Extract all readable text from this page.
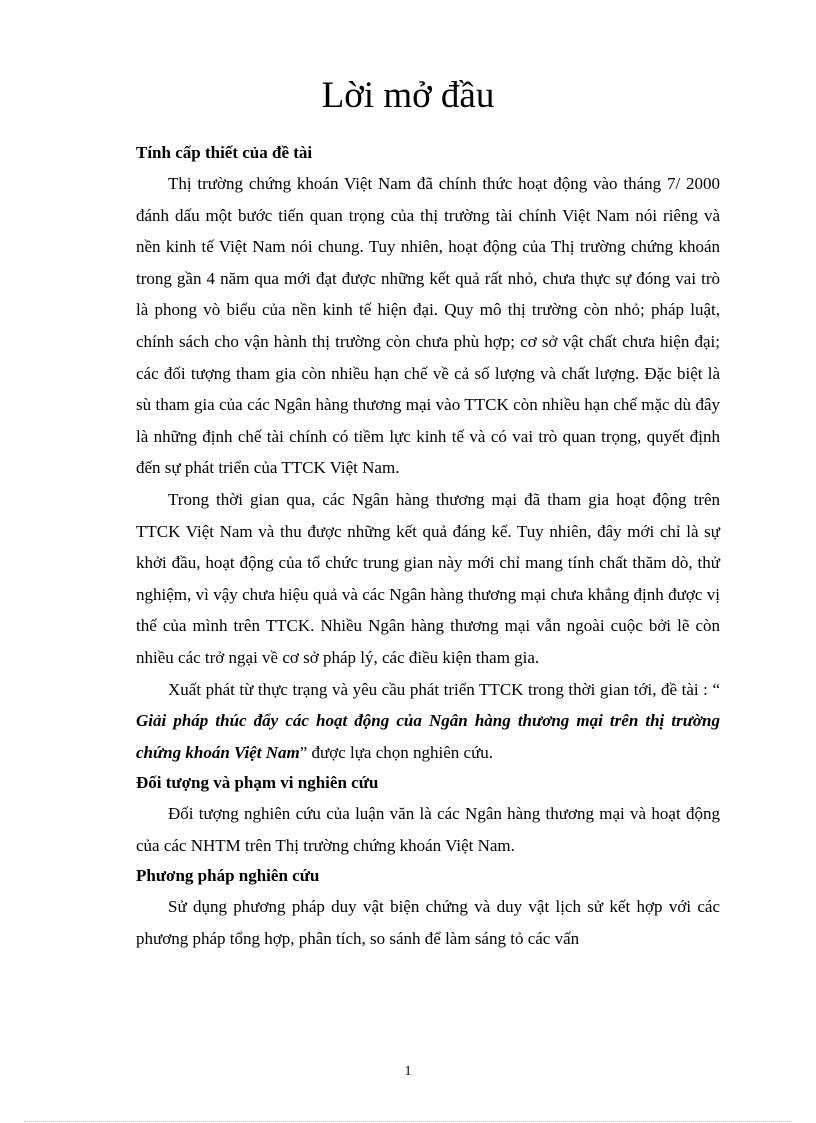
Lời mở đầu

Tính cấp thiết của đề tài

Thị trường chứng khoán Việt Nam đã chính thức hoạt động vào tháng 7/ 2000 đánh dấu một bước tiến quan trọng của thị trường tài chính Việt Nam nói riêng và nền kinh tế Việt Nam nói chung. Tuy nhiên, hoạt động của Thị trường chứng khoán trong gần 4 năm qua mới đạt được những kết quả rất nhỏ, chưa thực sự đóng vai trò là phong vò biểu của nền kinh tế hiện đại. Quy mô thị trường còn nhỏ; pháp luật, chính sách cho vận hành thị trường còn chưa phù hợp; cơ sở vật chất chưa hiện đại; các đối tượng tham gia còn nhiều hạn chế về cả số lượng và chất lượng. Đặc biệt là sù tham gia của các Ngân hàng thương mại vào TTCK còn nhiều hạn chế mặc dù đây là những định chế tài chính có tiềm lực kinh tế và có vai trò quan trọng, quyết định đến sự phát triển của TTCK Việt Nam.

Trong thời gian qua, các Ngân hàng thương mại đã tham gia hoạt động trên TTCK Việt Nam và thu được những kết quả đáng kể. Tuy nhiên, đây mới chỉ là sự khởi đầu, hoạt động của tổ chức trung gian này mới chỉ mang tính chất thăm dò, thử nghiệm, vì vậy chưa hiệu quả và các Ngân hàng thương mại chưa khẳng định được vị thế của mình trên TTCK. Nhiều Ngân hàng thương mại vẫn ngoài cuộc bởi lẽ còn nhiều các trở ngại về cơ sở pháp lý, các điều kiện tham gia.

Xuất phát từ thực trạng và yêu cầu phát triển TTCK trong thời gian tới, đề tài : “ Giải pháp thúc đẩy các hoạt động của Ngân hàng thương mại trên thị trường chứng khoán Việt Nam” được lựa chọn nghiên cứu.

Đối tượng và phạm vi nghiên cứu

Đối tượng nghiên cứu của luận văn là các Ngân hàng thương mại và hoạt động của các NHTM trên Thị trường chứng khoán Việt Nam.

Phương pháp nghiên cứu

Sử dụng phương pháp duy vật biện chứng và duy vật lịch sử kết hợp với các phương pháp tổng hợp, phân tích, so sánh để làm sáng tỏ các vấn

1
